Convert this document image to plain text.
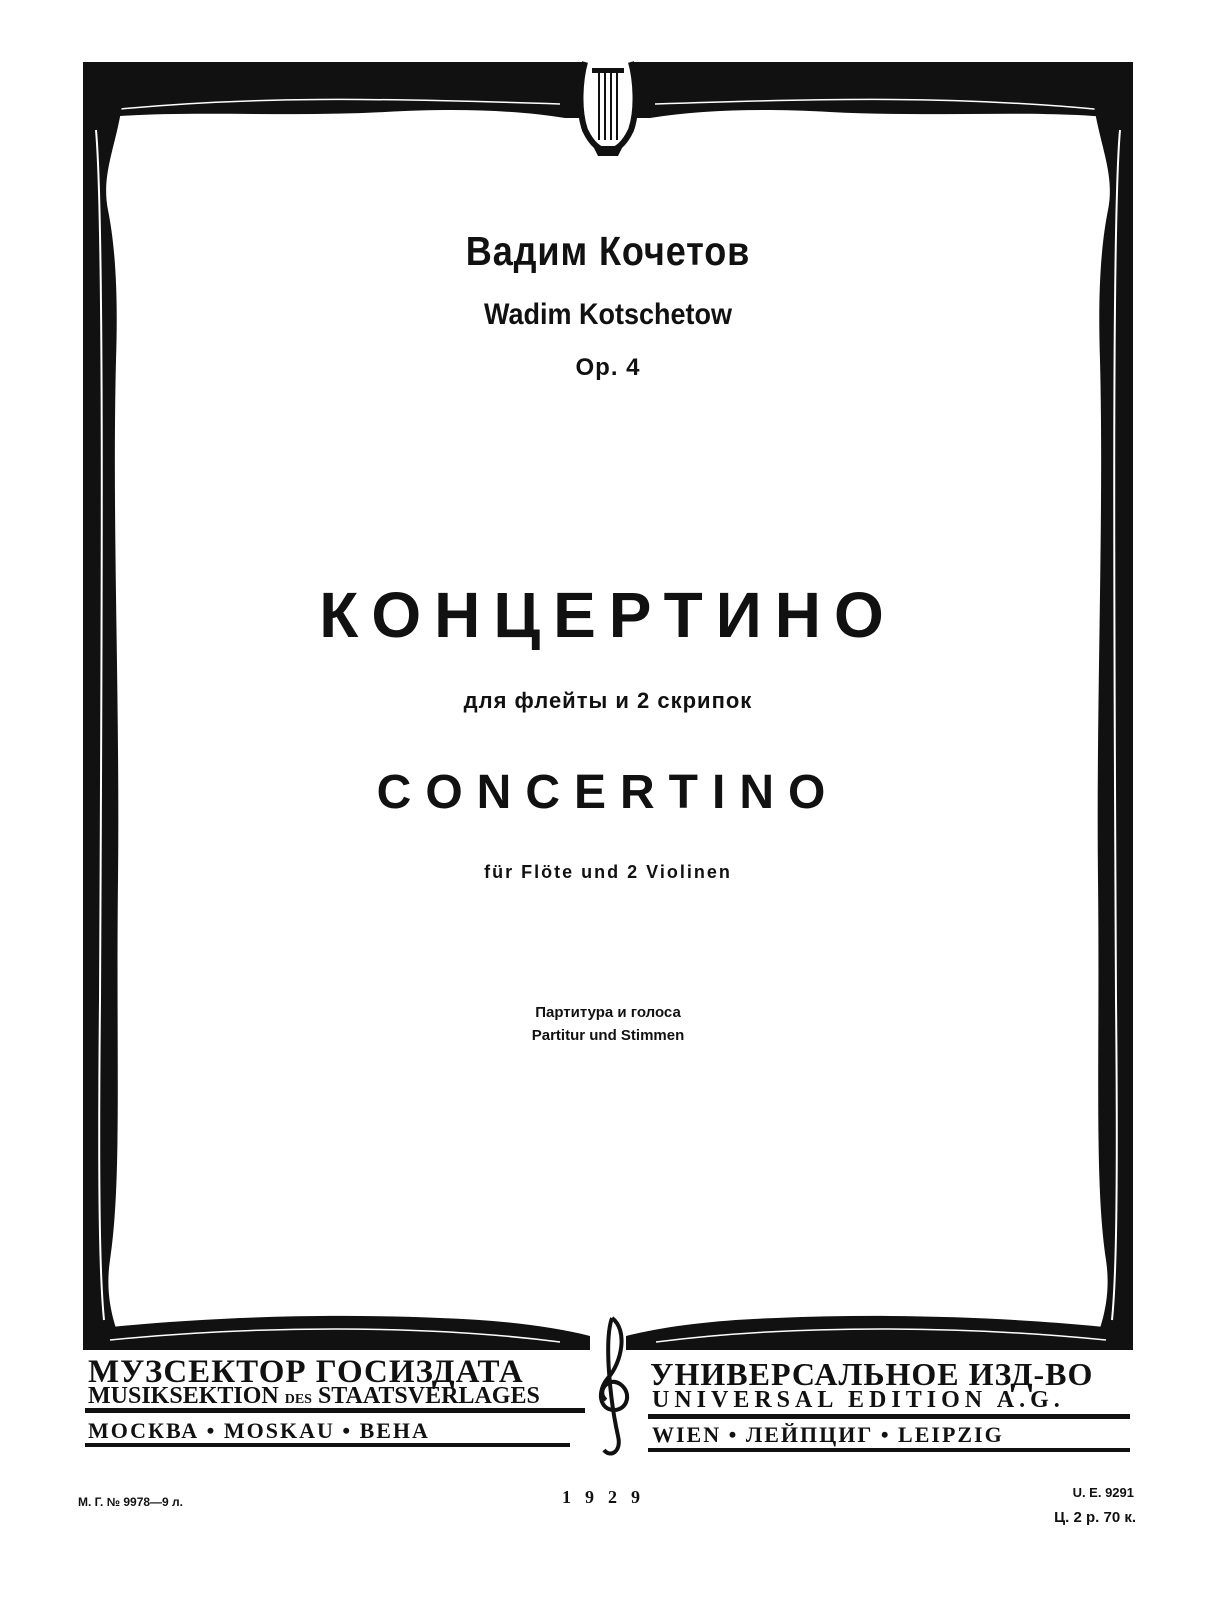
Вадим Кочетов
Wadim Kotschetow
Op. 4
КОНЦЕРТИНО
для флейты и 2 скрипок
CONCERTINO
für Flöte und 2 Violinen
Партитура и голоса
Partitur und Stimmen
МУЗСЕКТОР ГОСИЗДАТА
MUSIKSEKTION DES STAATSVERLAGES
МОСКВА • MOSKAU • ВЕНА
УНИВЕРСАЛЬНОЕ ИЗД-ВО
UNIVERSAL EDITION A.G.
WIEN • ЛЕЙПЦИГ • LEIPZIG
М. Г. № 9978—9 л.	1929	U. E. 9291
Ц. 2 р. 70 к.
